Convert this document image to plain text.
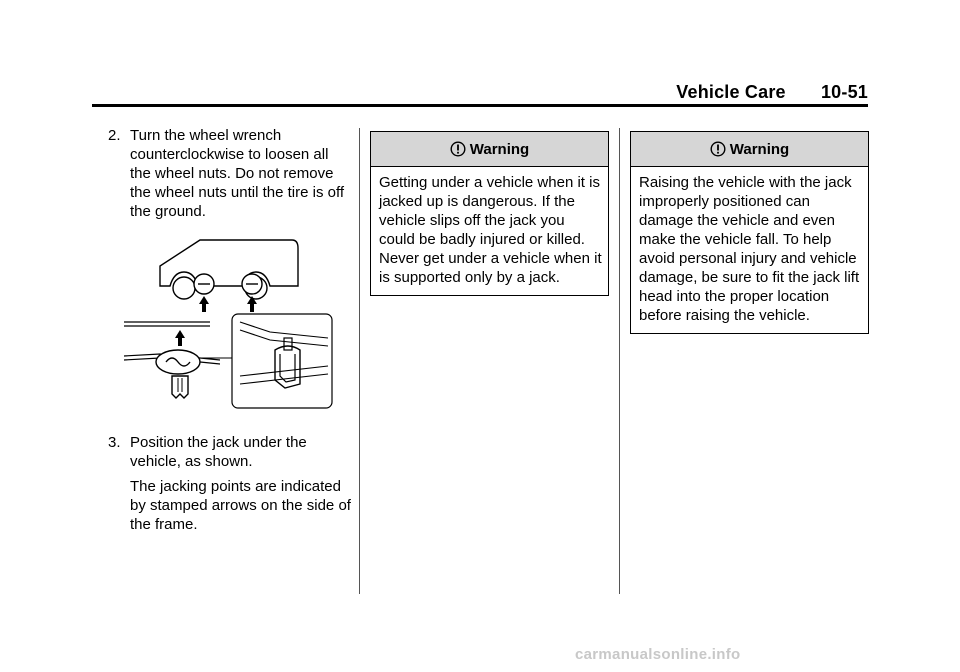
Vehicle Care 10-51
2. Turn the wheel wrench counterclockwise to loosen all the wheel nuts. Do not remove the wheel nuts until the tire is off the ground.

3. Position the jack under the vehicle, as shown.

The jacking points are indicated by stamped arrows on the side of the frame.

Warning
Getting under a vehicle when it is jacked up is dangerous. If the vehicle slips off the jack you could be badly injured or killed. Never get under a vehicle when it is supported only by a jack.
Warning
Raising the vehicle with the jack improperly positioned can damage the vehicle and even make the vehicle fall. To help avoid personal injury and vehicle damage, be sure to fit the jack lift head into the proper location before raising the vehicle.
carmanualsonline.info
